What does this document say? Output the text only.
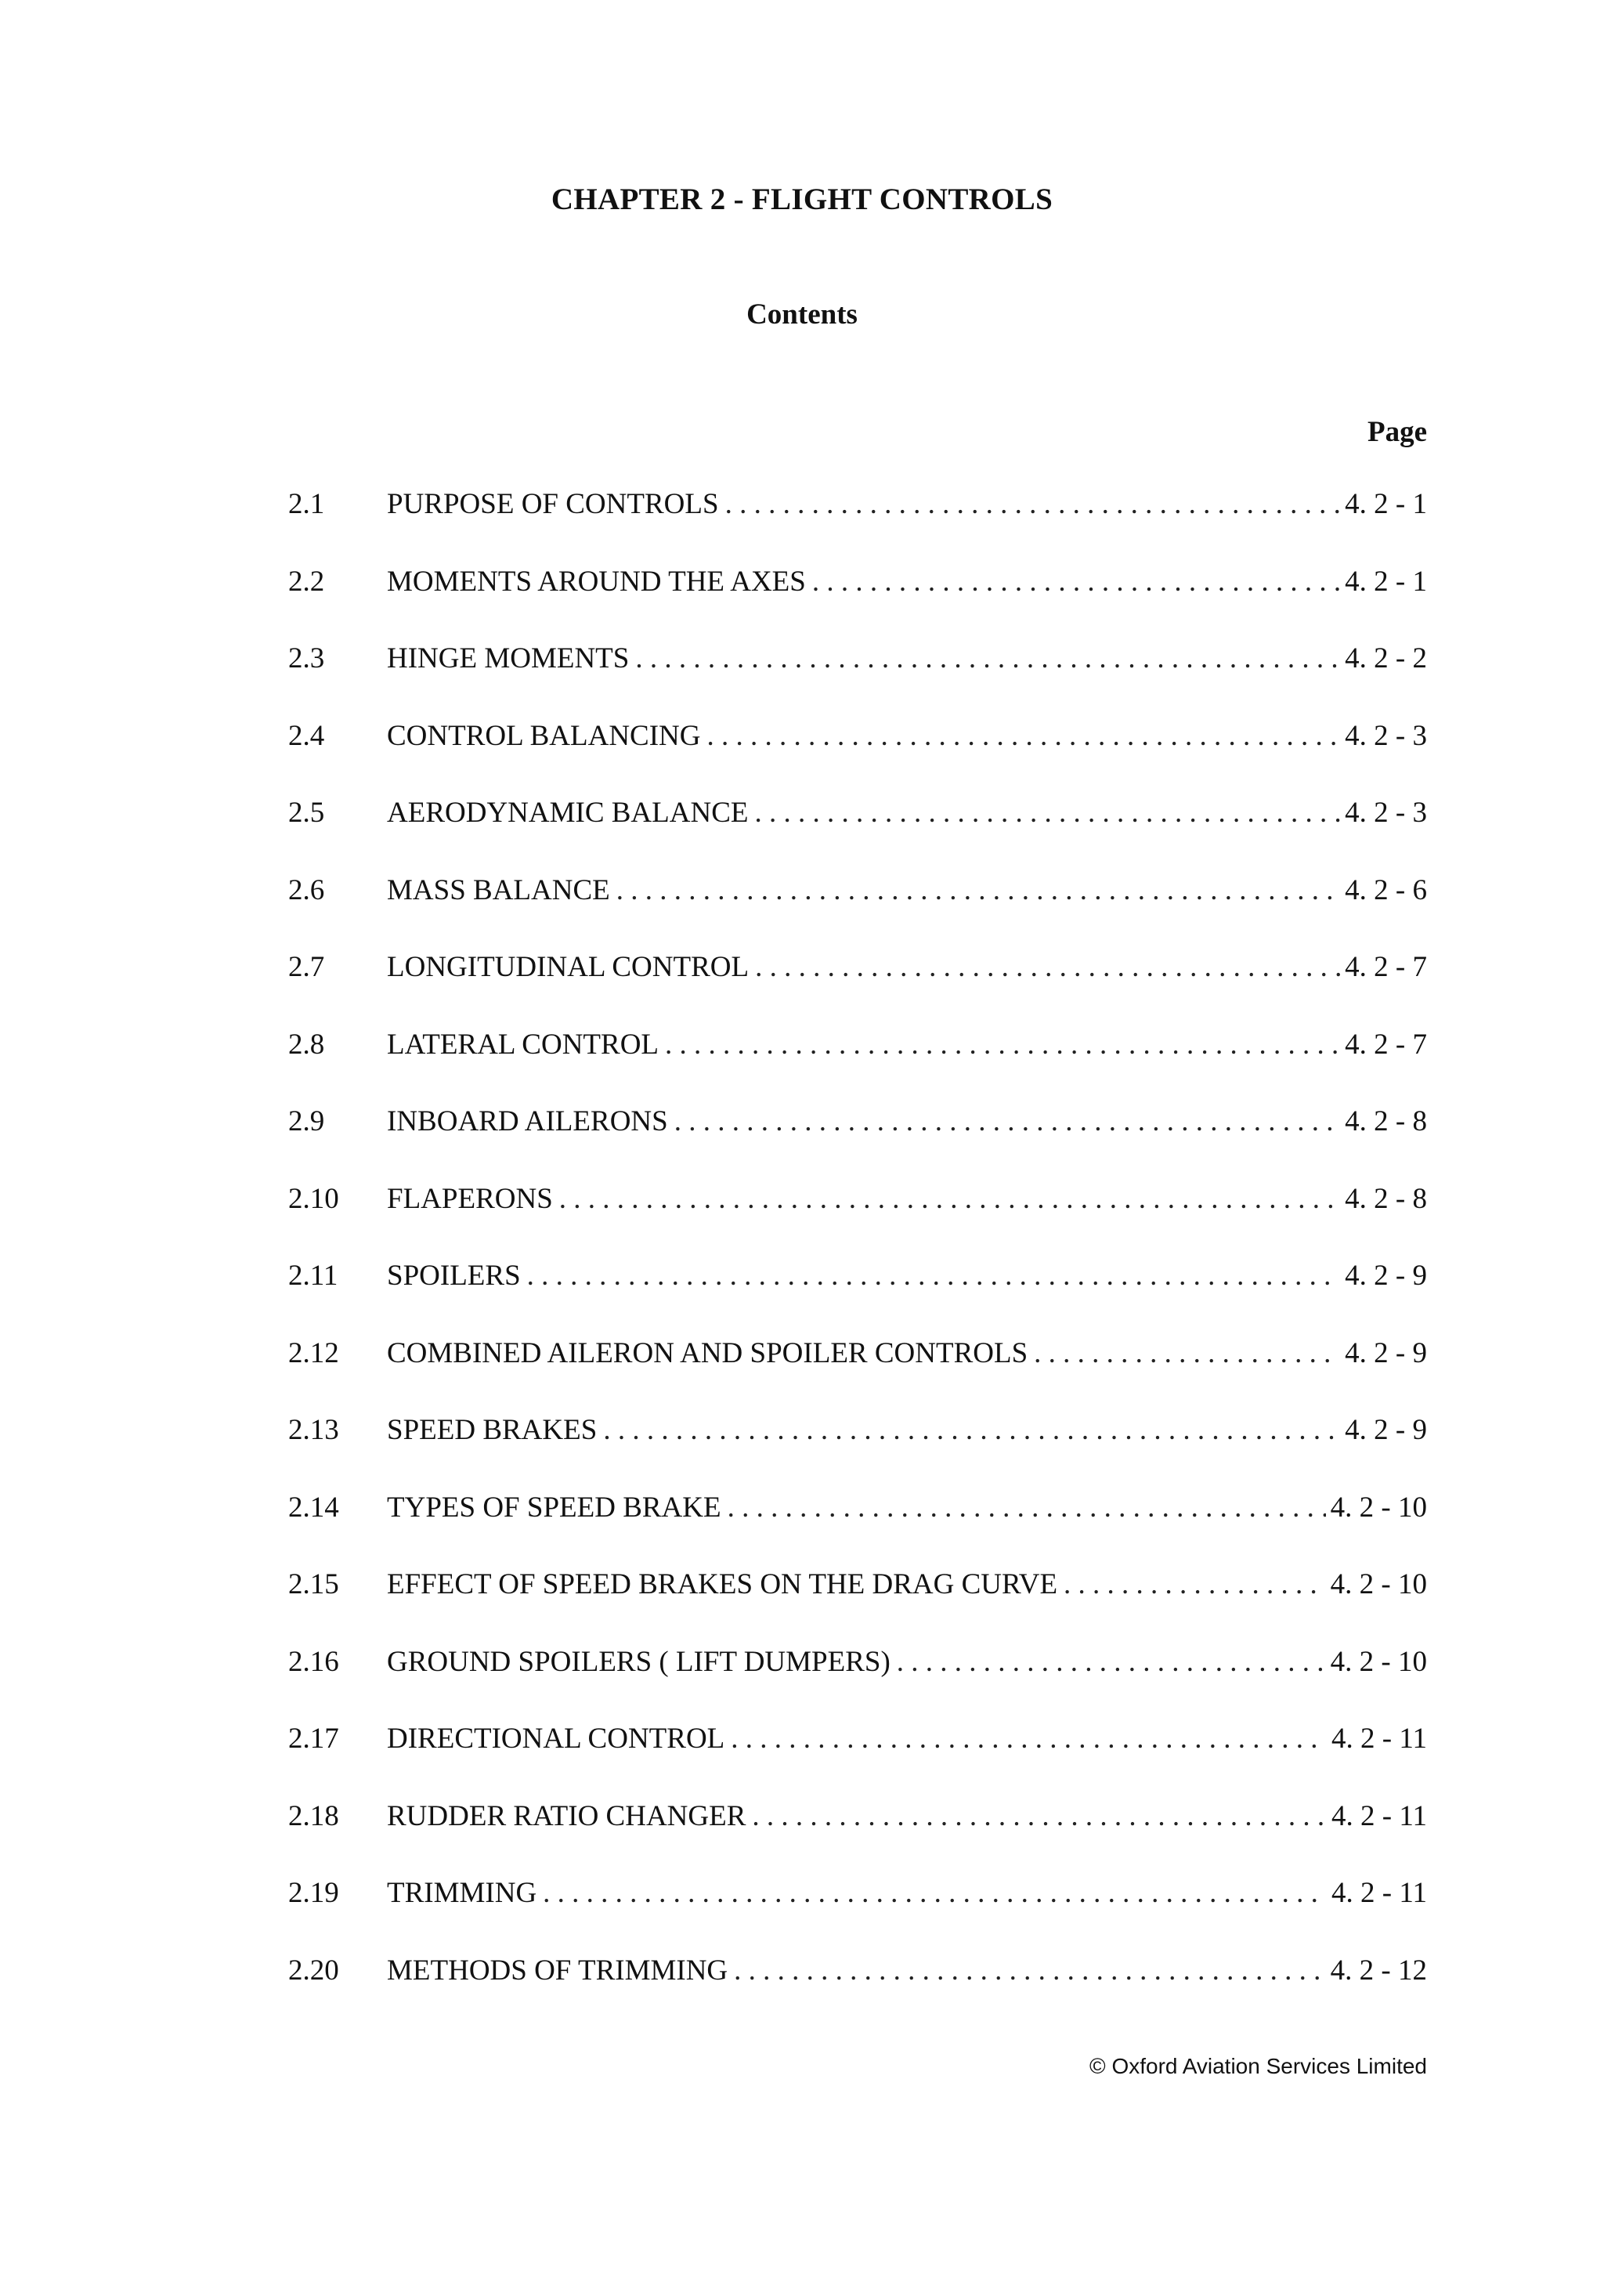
CHAPTER 2 - FLIGHT CONTROLS
Contents
Page
2.1	PURPOSE OF CONTROLS . . .	4. 2 - 1
2.2	MOMENTS AROUND THE AXES . . .	4. 2 - 1
2.3	HINGE MOMENTS . . .	4. 2 - 2
2.4	CONTROL BALANCING . . .	4. 2 - 3
2.5	AERODYNAMIC BALANCE . . .	4. 2 - 3
2.6	MASS BALANCE . . .	4. 2 - 6
2.7	LONGITUDINAL CONTROL . . .	4. 2 - 7
2.8	LATERAL CONTROL . . .	4. 2 - 7
2.9	INBOARD AILERONS . . .	4. 2 - 8
2.10	FLAPERONS . . .	4. 2 - 8
2.11	SPOILERS . . .	4. 2 - 9
2.12	COMBINED AILERON AND SPOILER CONTROLS . . .	4. 2 - 9
2.13	SPEED BRAKES . . .	4. 2 - 9
2.14	TYPES OF SPEED BRAKE . . .	4. 2 - 10
2.15	EFFECT OF SPEED BRAKES ON THE DRAG CURVE . . .	4. 2 - 10
2.16	GROUND SPOILERS ( LIFT DUMPERS) . . .	4. 2 - 10
2.17	DIRECTIONAL CONTROL . . .	4. 2 - 11
2.18	RUDDER RATIO CHANGER . . .	4. 2 - 11
2.19	TRIMMING . . .	4. 2 - 11
2.20	METHODS OF TRIMMING . . .	4. 2 - 12
© Oxford Aviation Services Limited
